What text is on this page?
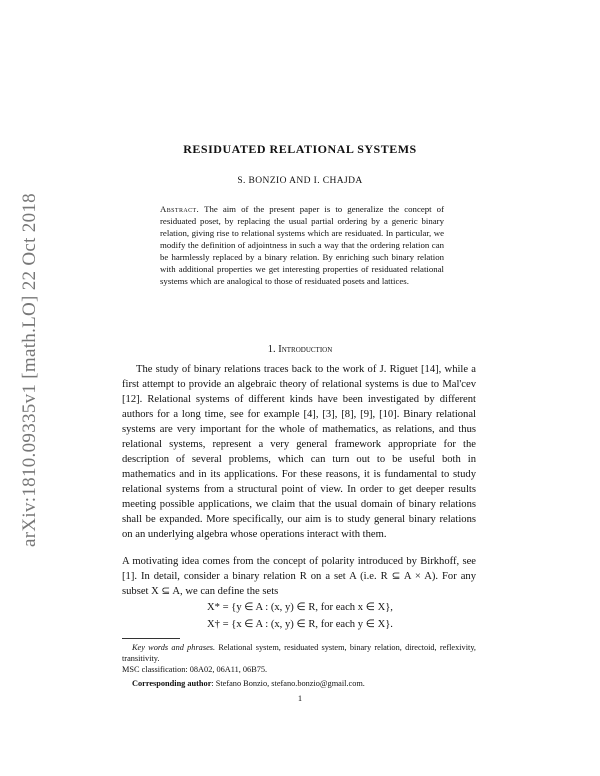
arXiv:1810.09335v1 [math.LO] 22 Oct 2018
RESIDUATED RELATIONAL SYSTEMS
S. BONZIO AND I. CHAJDA
Abstract. The aim of the present paper is to generalize the concept of residuated poset, by replacing the usual partial ordering by a generic binary relation, giving rise to relational systems which are residuated. In particular, we modify the definition of adjointness in such a way that the ordering relation can be harmlessly replaced by a binary relation. By enriching such binary relation with additional properties we get interesting properties of residuated relational systems which are analogical to those of residuated posets and lattices.
1. Introduction
The study of binary relations traces back to the work of J. Riguet [14], while a first attempt to provide an algebraic theory of relational systems is due to Mal'cev [12]. Relational systems of different kinds have been investigated by different authors for a long time, see for example [4], [3], [8], [9], [10]. Binary relational systems are very important for the whole of mathematics, as relations, and thus relational systems, represent a very general framework appropriate for the description of several problems, which can turn out to be useful both in mathematics and in its applications. For these reasons, it is fundamental to study relational systems from a structural point of view. In order to get deeper results meeting possible applications, we claim that the usual domain of binary relations shall be expanded. More specifically, our aim is to study general binary relations on an underlying algebra whose operations interact with them.
A motivating idea comes from the concept of polarity introduced by Birkhoff, see [1]. In detail, consider a binary relation R on a set A (i.e. R ⊆ A × A). For any subset X ⊆ A, we can define the sets
X* = {y ∈ A : (x, y) ∈ R, for each x ∈ X},
X† = {x ∈ A : (x, y) ∈ R, for each y ∈ X}.
Key words and phrases. Relational system, residuated system, binary relation, directoid, reflexivity, transitivity.
MSC classification: 08A02, 06A11, 06B75.
Corresponding author: Stefano Bonzio, stefano.bonzio@gmail.com.
1
